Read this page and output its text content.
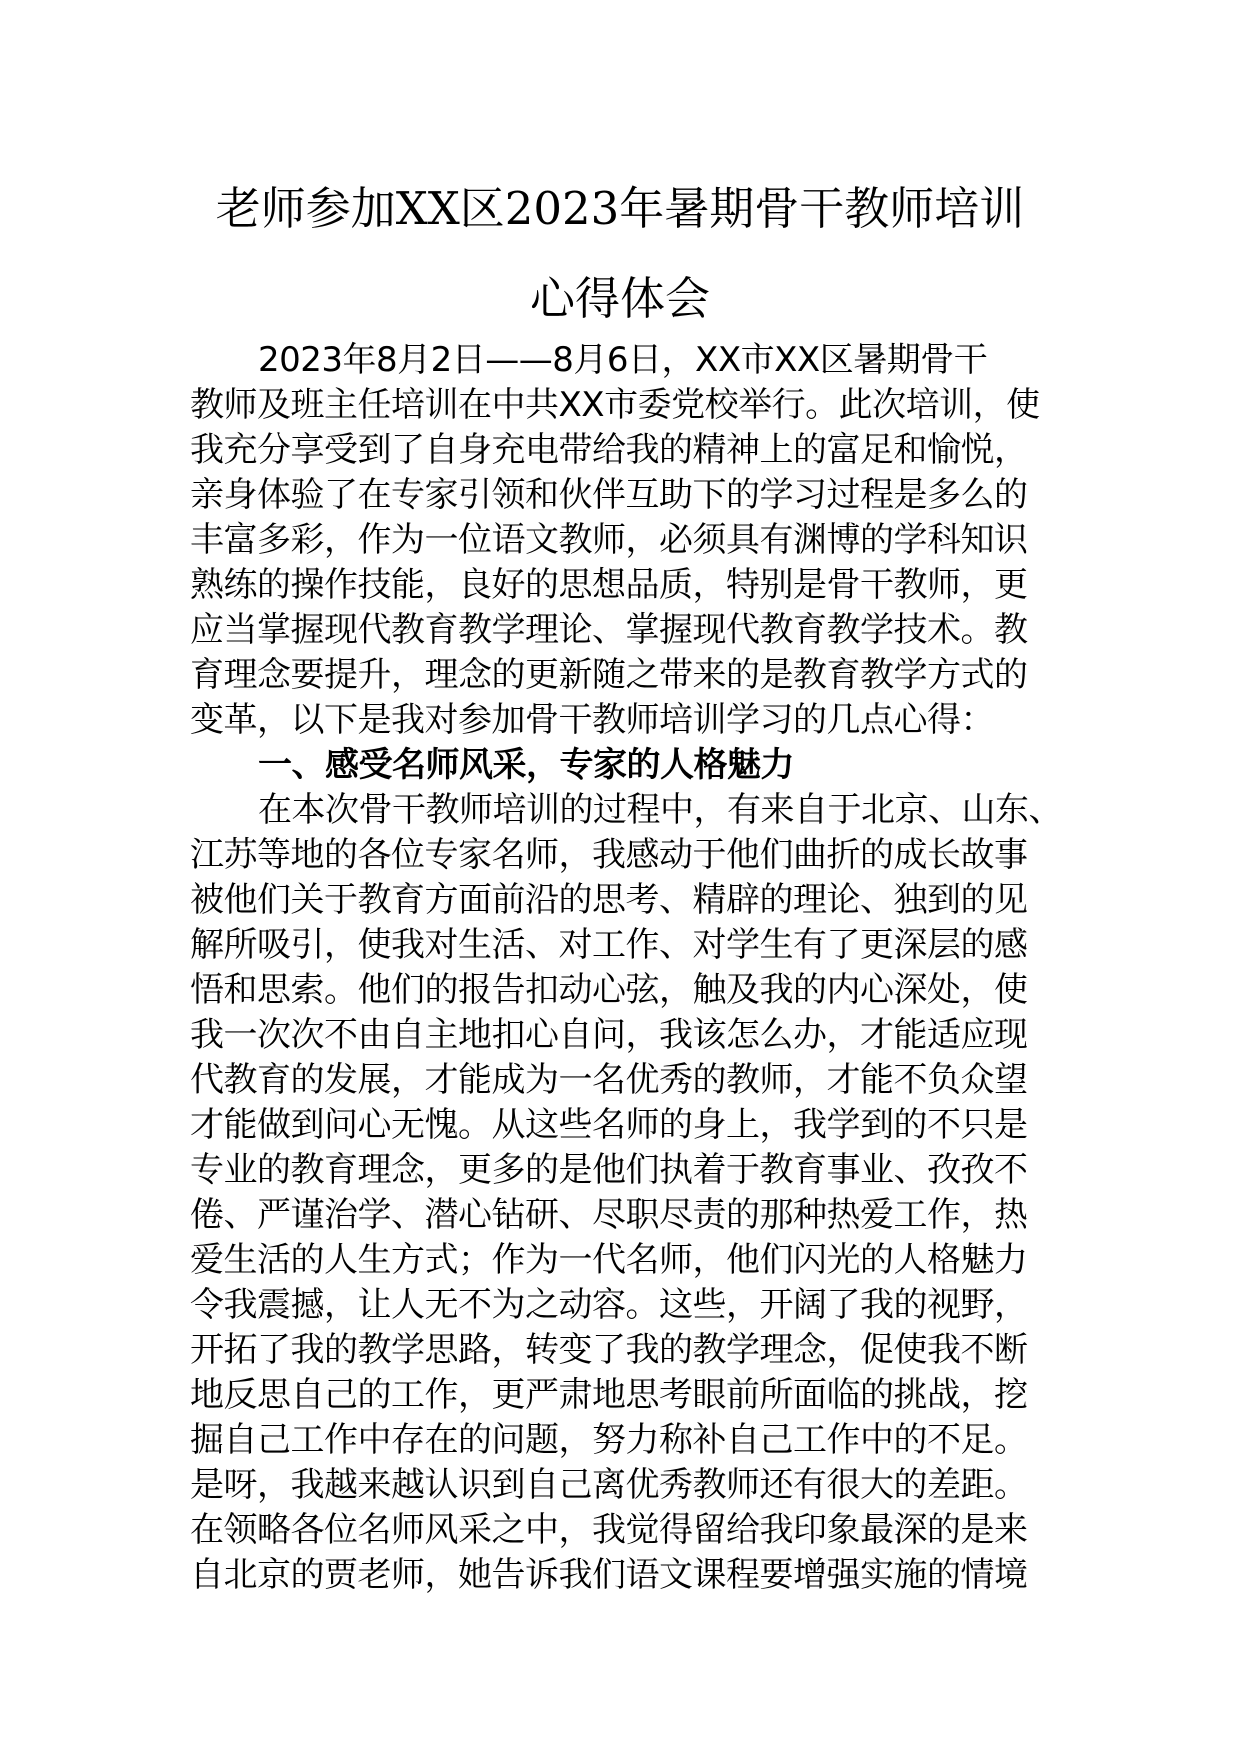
老师参加XX区2023年暑期骨干教师培训
心得体会
2023年8月2日——8月6日，XX市XX区暑期骨干
教师及班主任培训在中共XX市委党校举行。此次培训，使
我充分享受到了自身充电带给我的精神上的富足和愉悦，
亲身体验了在专家引领和伙伴互助下的学习过程是多么的
丰富多彩，作为一位语文教师，必须具有渊博的学科知识
熟练的操作技能，良好的思想品质，特别是骨干教师，更
应当掌握现代教育教学理论、掌握现代教育教学技术。教
育理念要提升，理念的更新随之带来的是教育教学方式的
变革，以下是我对参加骨干教师培训学习的几点心得：
一、感受名师风采，专家的人格魅力
在本次骨干教师培训的过程中，有来自于北京、山东、
江苏等地的各位专家名师，我感动于他们曲折的成长故事
被他们关于教育方面前沿的思考、精辟的理论、独到的见
解所吸引，使我对生活、对工作、对学生有了更深层的感
悟和思索。他们的报告扣动心弦，触及我的内心深处，使
我一次次不由自主地扣心自问，我该怎么办，才能适应现
代教育的发展，才能成为一名优秀的教师，才能不负众望
才能做到问心无愧。从这些名师的身上，我学到的不只是
专业的教育理念，更多的是他们执着于教育事业、孜孜不
倦、严谨治学、潜心钻研、尽职尽责的那种热爱工作，热
爱生活的人生方式；作为一代名师，他们闪光的人格魅力
令我震撼，让人无不为之动容。这些，开阔了我的视野，
开拓了我的教学思路，转变了我的教学理念，促使我不断
地反思自己的工作，更严肃地思考眼前所面临的挑战，挖
掘自己工作中存在的问题，努力称补自己工作中的不足。
是呀，我越来越认识到自己离优秀教师还有很大的差距。
在领略各位名师风采之中，我觉得留给我印象最深的是来
自北京的贾老师，她告诉我们语文课程要增强实施的情境
